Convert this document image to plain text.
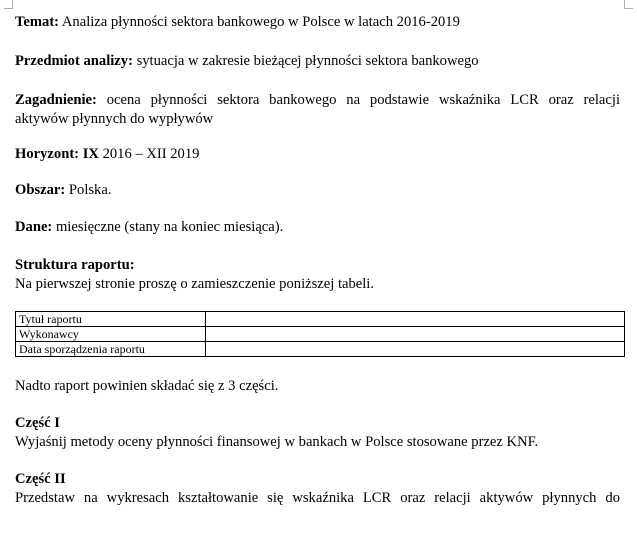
Temat: Analiza płynności sektora bankowego w Polsce w latach 2016-2019
Przedmiot analizy: sytuacja w zakresie bieżącej płynności sektora bankowego
Zagadnienie: ocena płynności sektora bankowego na podstawie wskaźnika LCR oraz relacji
aktywów płynnych do wypływów
Horyzont: IX 2016 – XII 2019
Obszar: Polska.
Dane: miesięczne (stany na koniec miesiąca).
Struktura raportu:
Na pierwszej stronie proszę o zamieszczenie poniższej tabeli.
Tytuł raportu	
Wykonawcy	
Data sporządzenia raportu	
Nadto raport powinien składać się z 3 części.
Część I
Wyjaśnij metody oceny płynności finansowej w bankach w Polsce stosowane przez KNF.
Część II
Przedstaw na wykresach kształtowanie się wskaźnika LCR oraz relacji aktywów płynnych do
